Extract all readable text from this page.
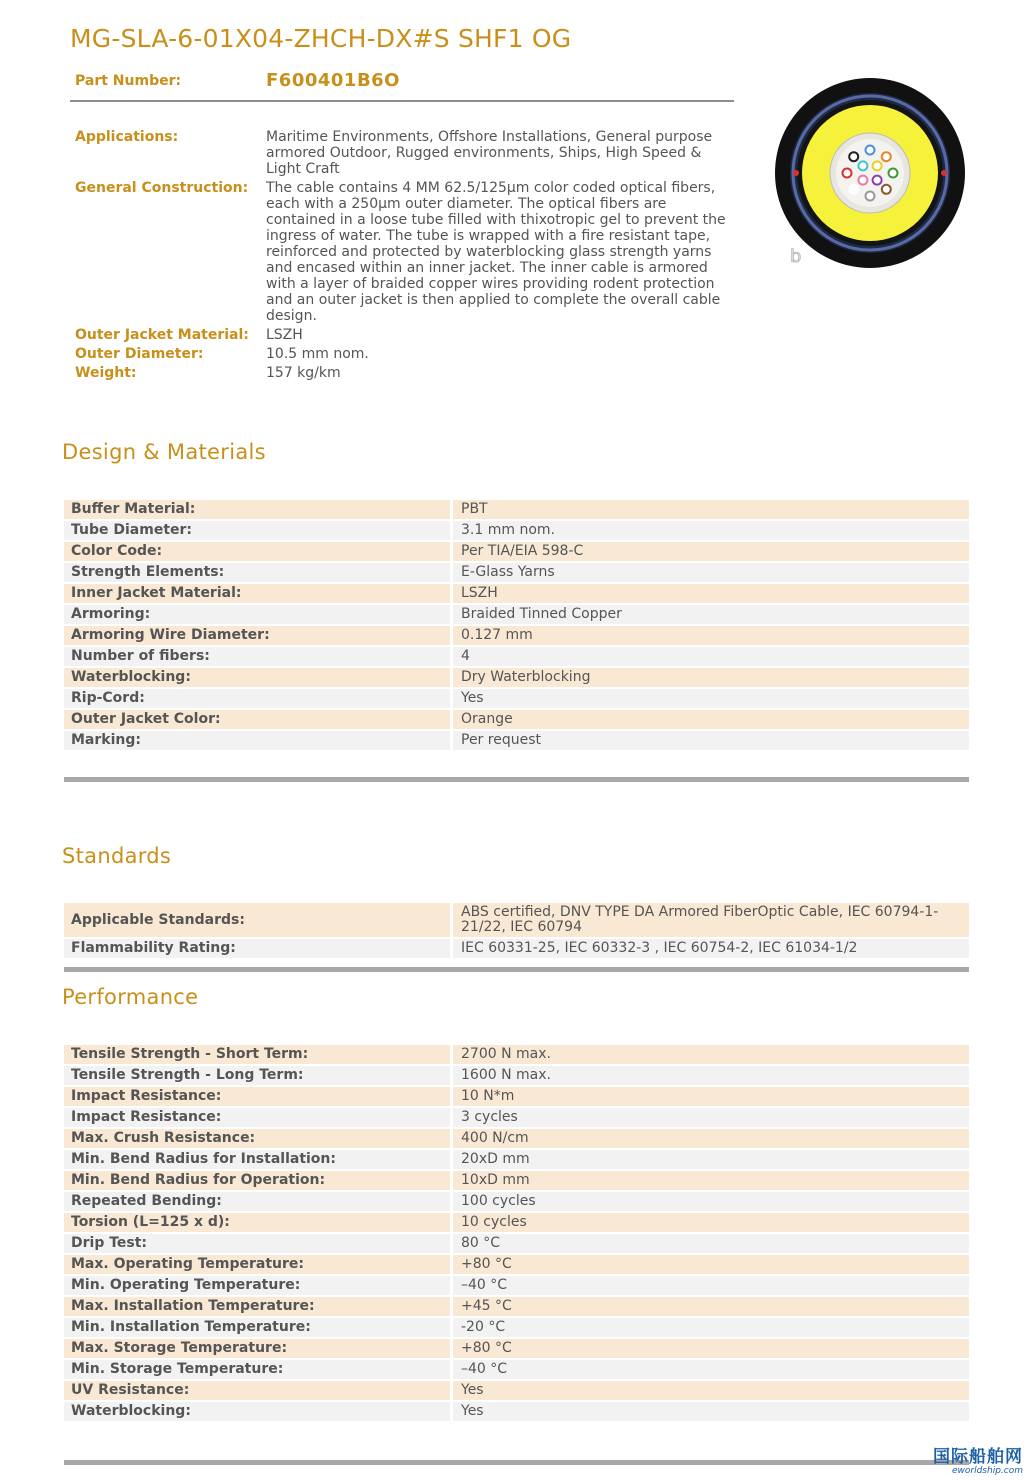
MG-SLA-6-01X04-ZHCH-DX#S SHF1 OG
Part Number:	F600401B6O
Applications:	Maritime Environments, Offshore Installations, General purpose armored Outdoor, Rugged environments, Ships, High Speed & Light Craft
General Construction: The cable contains 4 MM 62.5/125µm color coded optical fibers, each with a 250µm outer diameter. The optical fibers are contained in a loose tube filled with thixotropic gel to prevent the ingress of water. The tube is wrapped with a fire resistant tape, reinforced and protected by waterblocking glass strength yarns and encased within an inner jacket. The inner cable is armored with a layer of braided copper wires providing rodent protection and an outer jacket is then applied to complete the overall cable design.
Outer Jacket Material: LSZH
Outer Diameter:	10.5 mm nom.
Weight:	157 kg/km
b
Design & Materials
Buffer Material:	PBT
Tube Diameter:	3.1 mm nom.
Color Code:	Per TIA/EIA 598-C
Strength Elements:	E-Glass Yarns
Inner Jacket Material:	LSZH
Armoring:	Braided Tinned Copper
Armoring Wire Diameter:	0.127 mm
Number of fibers:	4
Waterblocking:	Dry Waterblocking
Rip-Cord:	Yes
Outer Jacket Color:	Orange
Marking:	Per request
Standards
Applicable Standards:	ABS certified, DNV TYPE DA Armored FiberOptic Cable, IEC 60794-1-21/22, IEC 60794
Flammability Rating:	IEC 60331-25, IEC 60332-3 , IEC 60754-2, IEC 61034-1/2
Performance
Tensile Strength - Short Term:	2700 N max.
Tensile Strength - Long Term:	1600 N max.
Impact Resistance:	10 N*m
Impact Resistance:	3 cycles
Max. Crush Resistance:	400 N/cm
Min. Bend Radius for Installation:	20xD mm
Min. Bend Radius for Operation:	10xD mm
Repeated Bending:	100 cycles
Torsion (L=125 x d):	10 cycles
Drip Test:	80 °C
Max. Operating Temperature:	+80 °C
Min. Operating Temperature:	–40 °C
Max. Installation Temperature:	+45 °C
Min. Installation Temperature:	-20 °C
Max. Storage Temperature:	+80 °C
Min. Storage Temperature:	–40 °C
UV Resistance:	Yes
Waterblocking:	Yes
国际船舶网
eworldship.com
